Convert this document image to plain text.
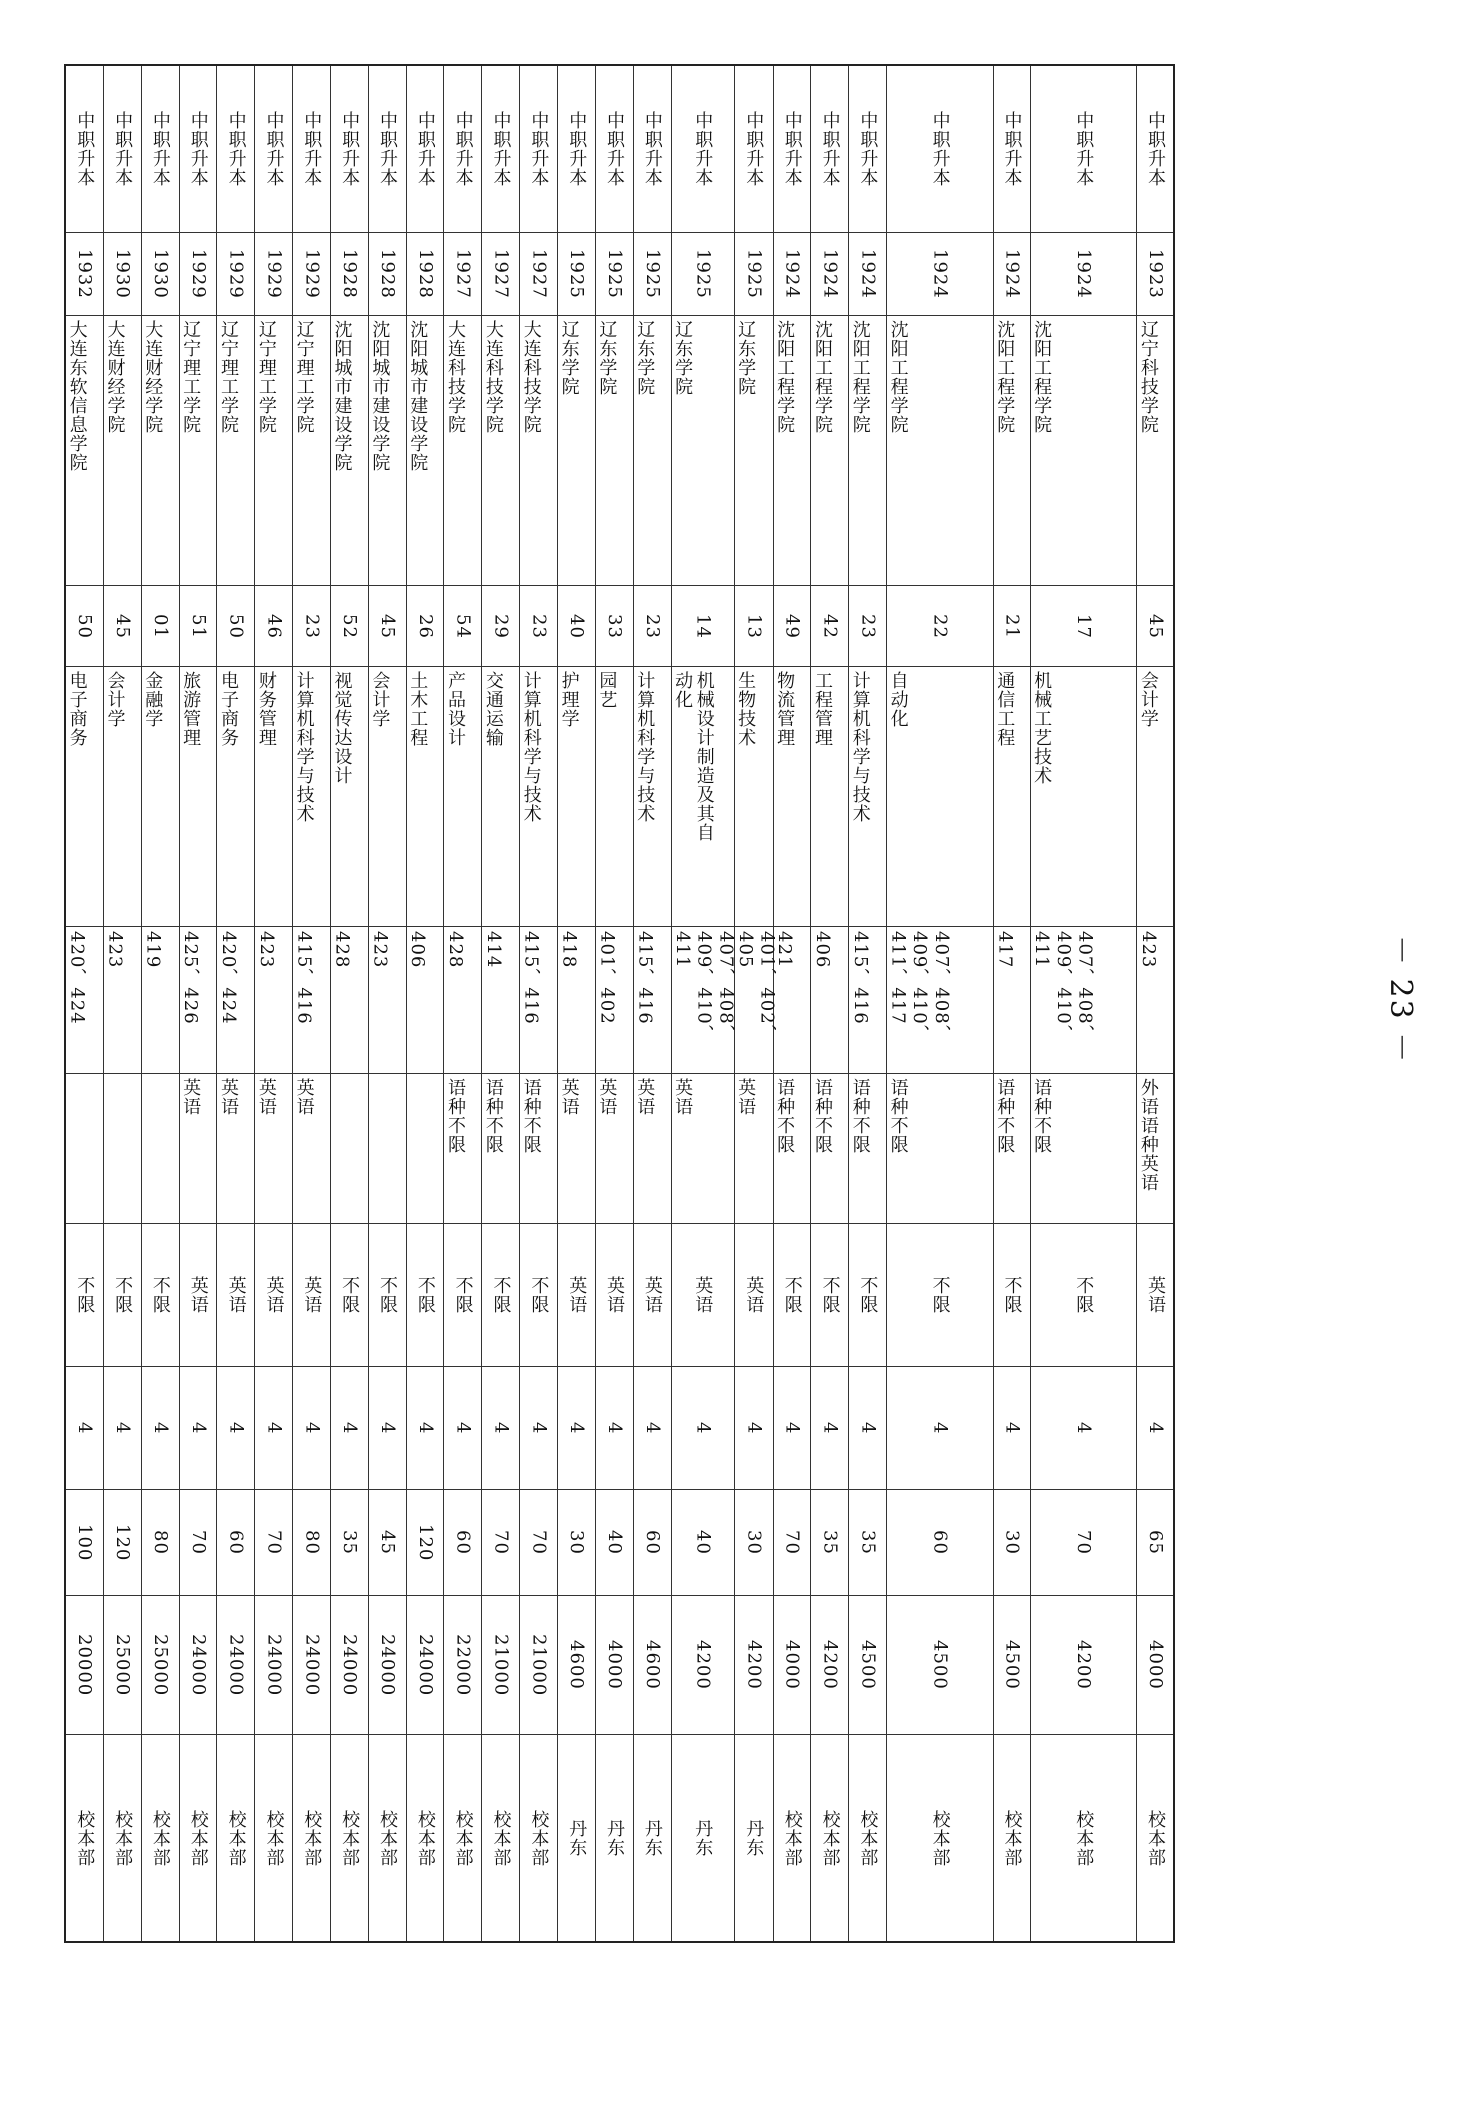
中职升本
1932
大连东软信息学院
50
电子商务
420、424
不限
4
100
20000
校本部
中职升本
1930
大连财经学院
45
会计学
423
不限
4
120
25000
校本部
中职升本
1930
大连财经学院
01
金融学
419
不限
4
80
25000
校本部
中职升本
1929
辽宁理工学院
51
旅游管理
425、426
英语
英语
4
70
24000
校本部
中职升本
1929
辽宁理工学院
50
电子商务
420、424
英语
英语
4
60
24000
校本部
中职升本
1929
辽宁理工学院
46
财务管理
423
英语
英语
4
70
24000
校本部
中职升本
1929
辽宁理工学院
23
计算机科学与技术
415、416
英语
英语
4
80
24000
校本部
中职升本
1928
沈阳城市建设学院
52
视觉传达设计
428
不限
4
35
24000
校本部
中职升本
1928
沈阳城市建设学院
45
会计学
423
不限
4
45
24000
校本部
中职升本
1928
沈阳城市建设学院
26
土木工程
406
不限
4
120
24000
校本部
中职升本
1927
大连科技学院
54
产品设计
428
语种不限
不限
4
60
22000
校本部
中职升本
1927
大连科技学院
29
交通运输
414
语种不限
不限
4
70
21000
校本部
中职升本
1927
大连科技学院
23
计算机科学与技术
415、416
语种不限
不限
4
70
21000
校本部
中职升本
1925
辽东学院
40
护理学
418
英语
英语
4
30
4600
丹东
中职升本
1925
辽东学院
33
园艺
401、402
英语
英语
4
40
4000
丹东
中职升本
1925
辽东学院
23
计算机科学与技术
415、416
英语
英语
4
60
4600
丹东
中职升本
1925
辽东学院
14
机械设计制造及其自
动化
407、408、
409、410、411
英语
英语
4
40
4200
丹东
中职升本
1925
辽东学院
13
生物技术
401、402、405
英语
英语
4
30
4200
丹东
中职升本
1924
沈阳工程学院
49
物流管理
421
语种不限
不限
4
70
4000
校本部
中职升本
1924
沈阳工程学院
42
工程管理
406
语种不限
不限
4
35
4200
校本部
中职升本
1924
沈阳工程学院
23
计算机科学与技术
415、416
语种不限
不限
4
35
4500
校本部
中职升本
1924
沈阳工程学院
22
自动化
407、408、
409、410、
411、417
语种不限
不限
4
60
4500
校本部
中职升本
1924
沈阳工程学院
21
通信工程
417
语种不限
不限
4
30
4500
校本部
中职升本
1924
沈阳工程学院
17
机械工艺技术
407、408、
409、410、411
语种不限
不限
4
70
4200
校本部
中职升本
1923
辽宁科技学院
45
会计学
423
外语语种英语
英语
4
65
4000
校本部
－ 23 －
